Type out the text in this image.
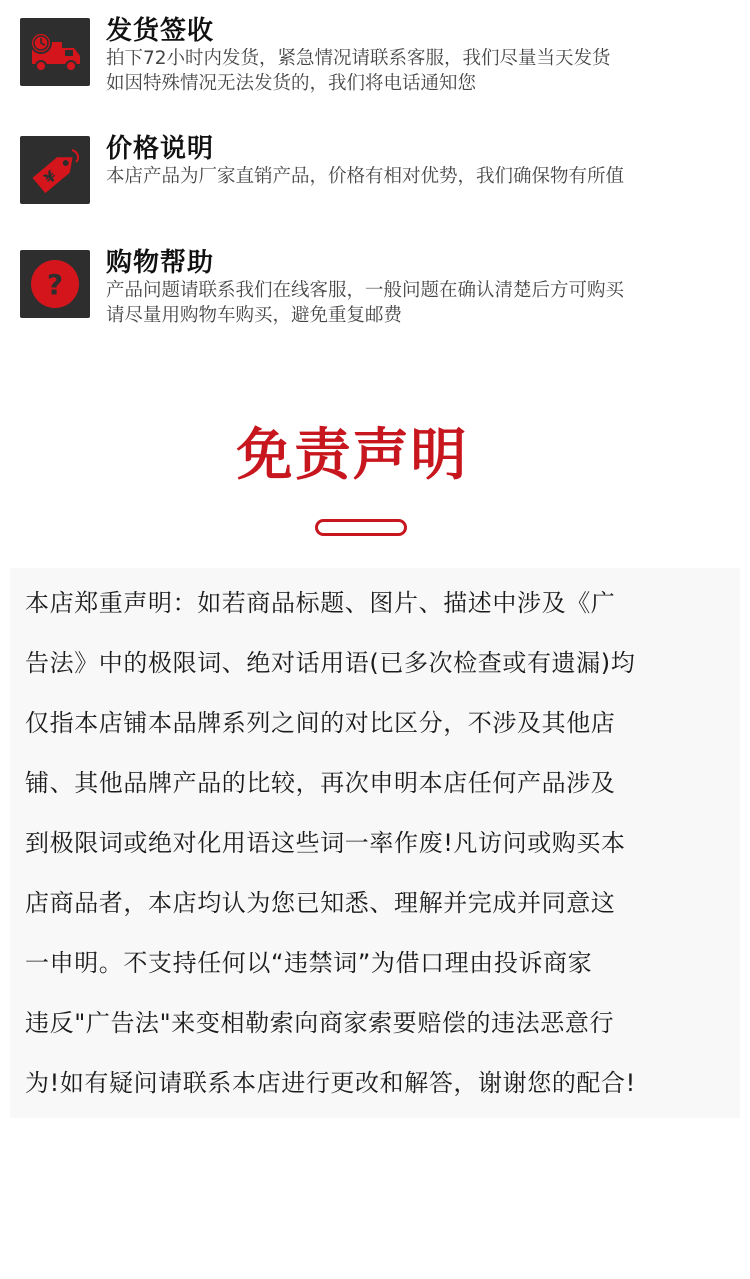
发货签收
拍下72小时内发货，紧急情况请联系客服，我们尽量当天发货
如因特殊情况无法发货的，我们将电话通知您
¥
价格说明
本店产品为厂家直销产品，价格有相对优势，我们确保物有所值
?
购物帮助
产品问题请联系我们在线客服，一般问题在确认清楚后方可购买
请尽量用购物车购买，避免重复邮费
免责声明
本店郑重声明：如若商品标题、图片、描述中涉及《广
告法》中的极限词、绝对话用语(已多次检查或有遗漏)均
仅指本店铺本品牌系列之间的对比区分，不涉及其他店
铺、其他品牌产品的比较，再次申明本店任何产品涉及
到极限词或绝对化用语这些词一率作废!凡访问或购买本
店商品者，本店均认为您已知悉、理解并完成并同意这
一申明。不支持任何以“违禁词”为借口理由投诉商家
违反"广告法"来变相勒索向商家索要赔偿的违法恶意行
为!如有疑问请联系本店进行更改和解答，谢谢您的配合!
